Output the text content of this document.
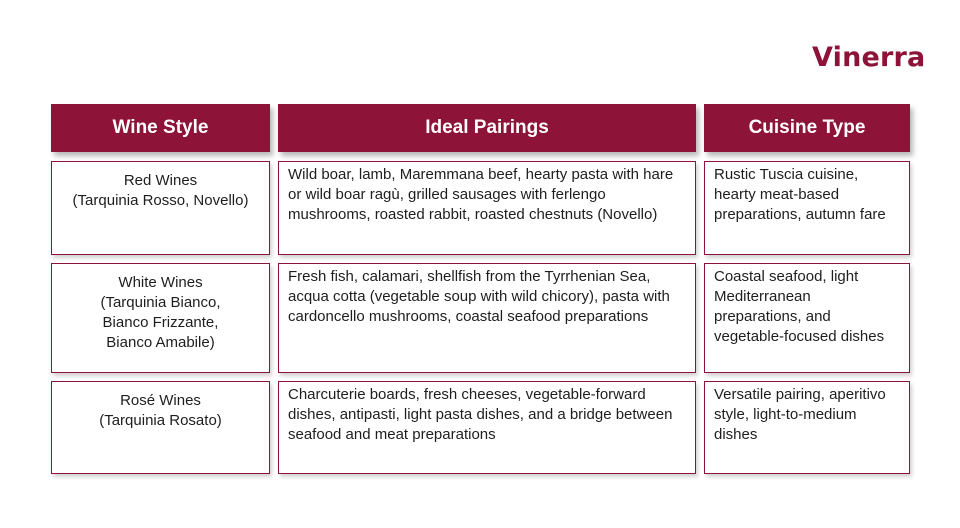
Vinerra
Wine Style	Ideal Pairings	Cuisine Type
Red Wines
(Tarquinia Rosso, Novello)
Wild boar, lamb, Maremmana beef, hearty pasta with hare or wild boar ragù, grilled sausages with ferlengo mushrooms, roasted rabbit, roasted chestnuts (Novello)
Rustic Tuscia cuisine, hearty meat-based preparations, autumn fare
White Wines
(Tarquinia Bianco, Bianco Frizzante, Bianco Amabile)
Fresh fish, calamari, shellfish from the Tyrrhenian Sea, acqua cotta (vegetable soup with wild chicory), pasta with cardoncello mushrooms, coastal seafood preparations
Coastal seafood, light Mediterranean preparations, and vegetable-focused dishes
Rosé Wines
(Tarquinia Rosato)
Charcuterie boards, fresh cheeses, vegetable-forward dishes, antipasti, light pasta dishes, and a bridge between seafood and meat preparations
Versatile pairing, aperitivo style, light-to-medium dishes
